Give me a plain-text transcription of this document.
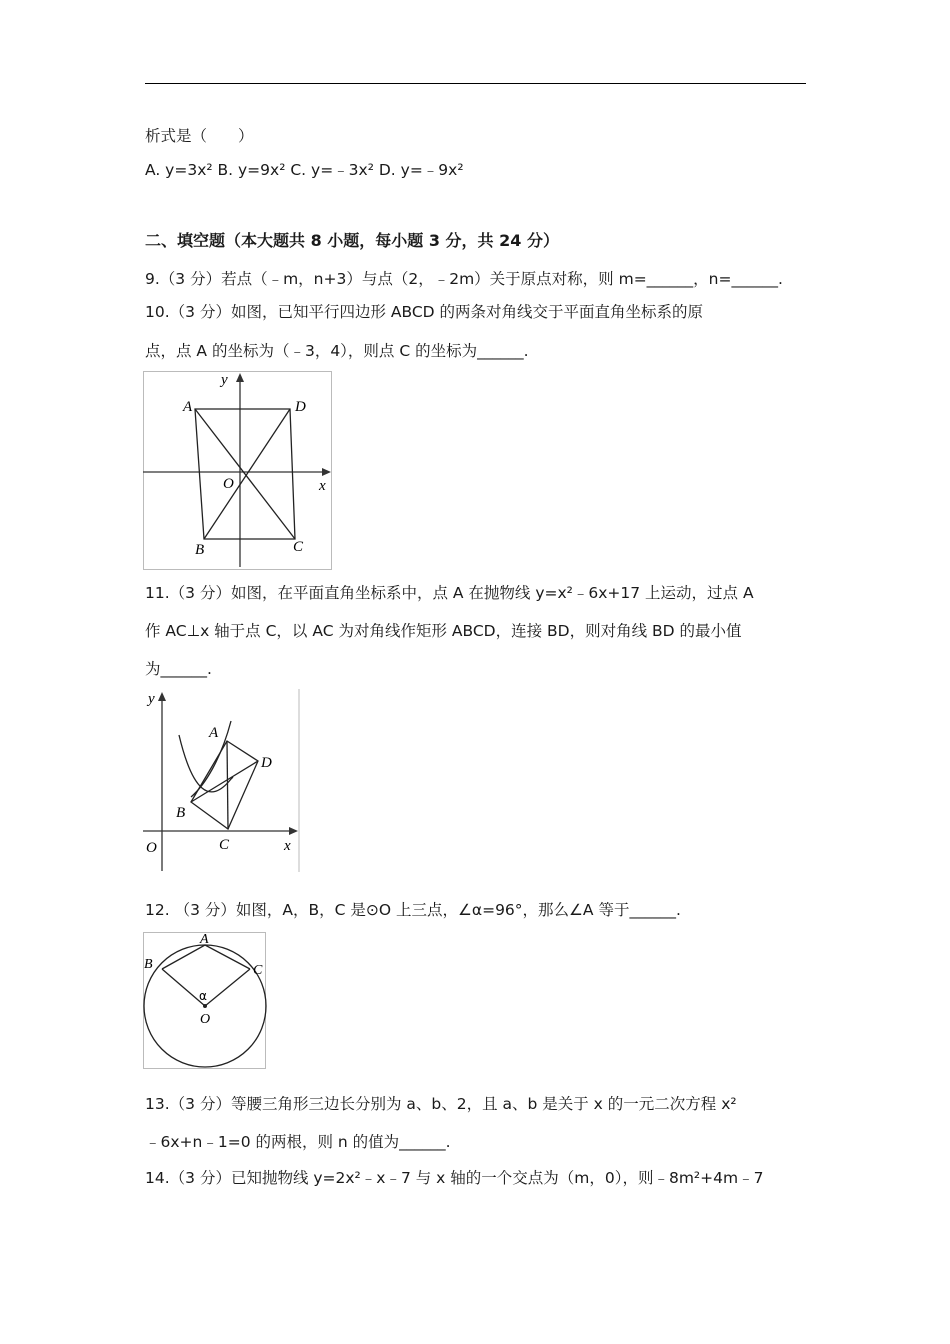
析式是（　　）
A. y=3x² B. y=9x² C. y=﹣3x² D. y=﹣9x²
二、填空题（本大题共 8 小题，每小题 3 分，共 24 分）
9.（3 分）若点（﹣m，n+3）与点（2，﹣2m）关于原点对称，则 m=______，n=______.
10.（3 分）如图，已知平行四边形 ABCD 的两条对角线交于平面直角坐标系的原
点，点 A 的坐标为（﹣3，4），则点 C 的坐标为______.
y
x
A	D
O
B	C
11.（3 分）如图，在平面直角坐标系中，点 A 在抛物线 y=x²﹣6x+17 上运动，过点 A
作 AC⊥x 轴于点 C，以 AC 为对角线作矩形 ABCD，连接 BD，则对角线 BD 的最小值
为______.
y
x
A
D
O
B
C
12. （3 分）如图，A，B，C 是⊙O 上三点，∠α=96°，那么∠A 等于______.
A
B	C
O
α
13.（3 分）等腰三角形三边长分别为 a、b、2，且 a、b 是关于 x 的一元二次方程 x²
﹣6x+n﹣1=0 的两根，则 n 的值为______.
14.（3 分）已知抛物线 y=2x²﹣x﹣7 与 x 轴的一个交点为（m，0），则﹣8m²+4m﹣7
